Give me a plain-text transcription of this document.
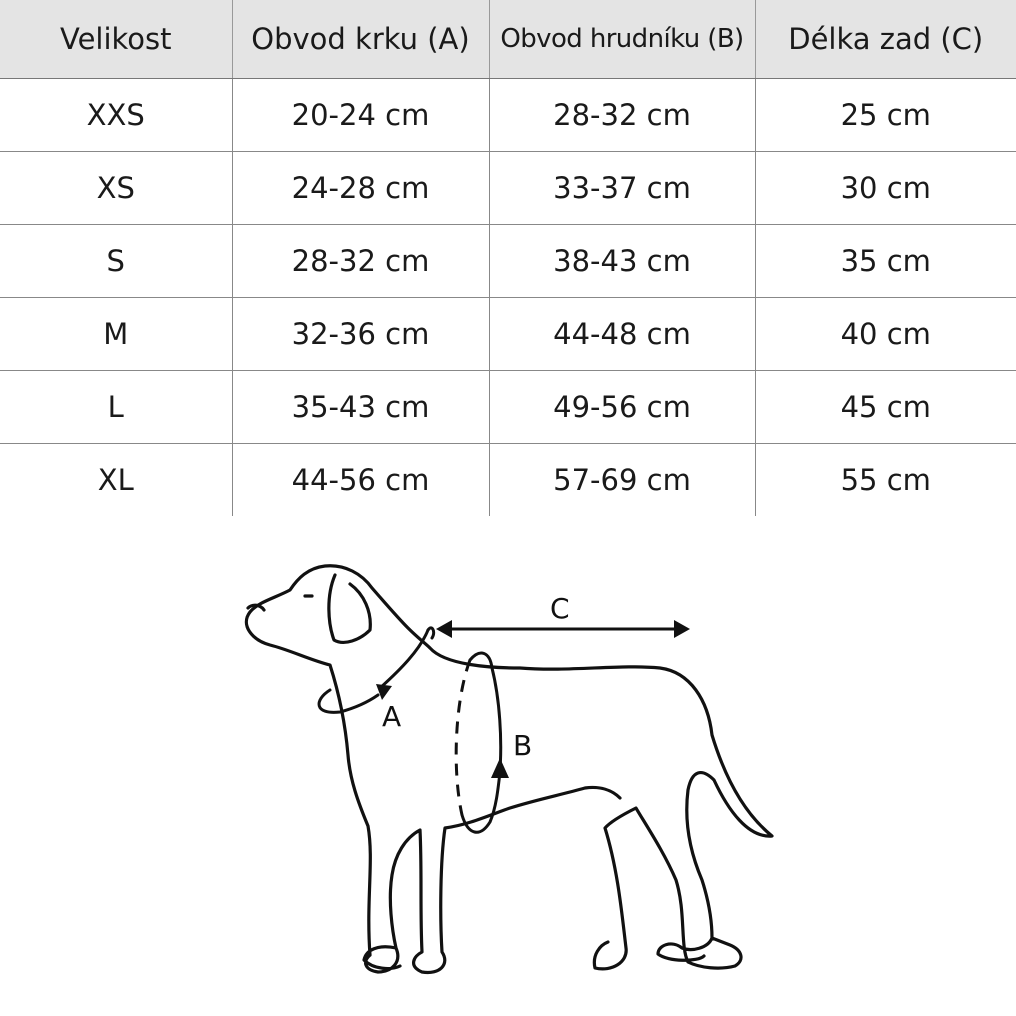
Velikost	Obvod krku (A)	Obvod hrudníku (B)	Délka zad (C)
XXS	20-24 cm	28-32 cm	25 cm
XS	24-28 cm	33-37 cm	30 cm
S	28-32 cm	38-43 cm	35 cm
M	32-36 cm	44-48 cm	40 cm
L	35-43 cm	49-56 cm	45 cm
XL	44-56 cm	57-69 cm	55 cm
A
B
C
